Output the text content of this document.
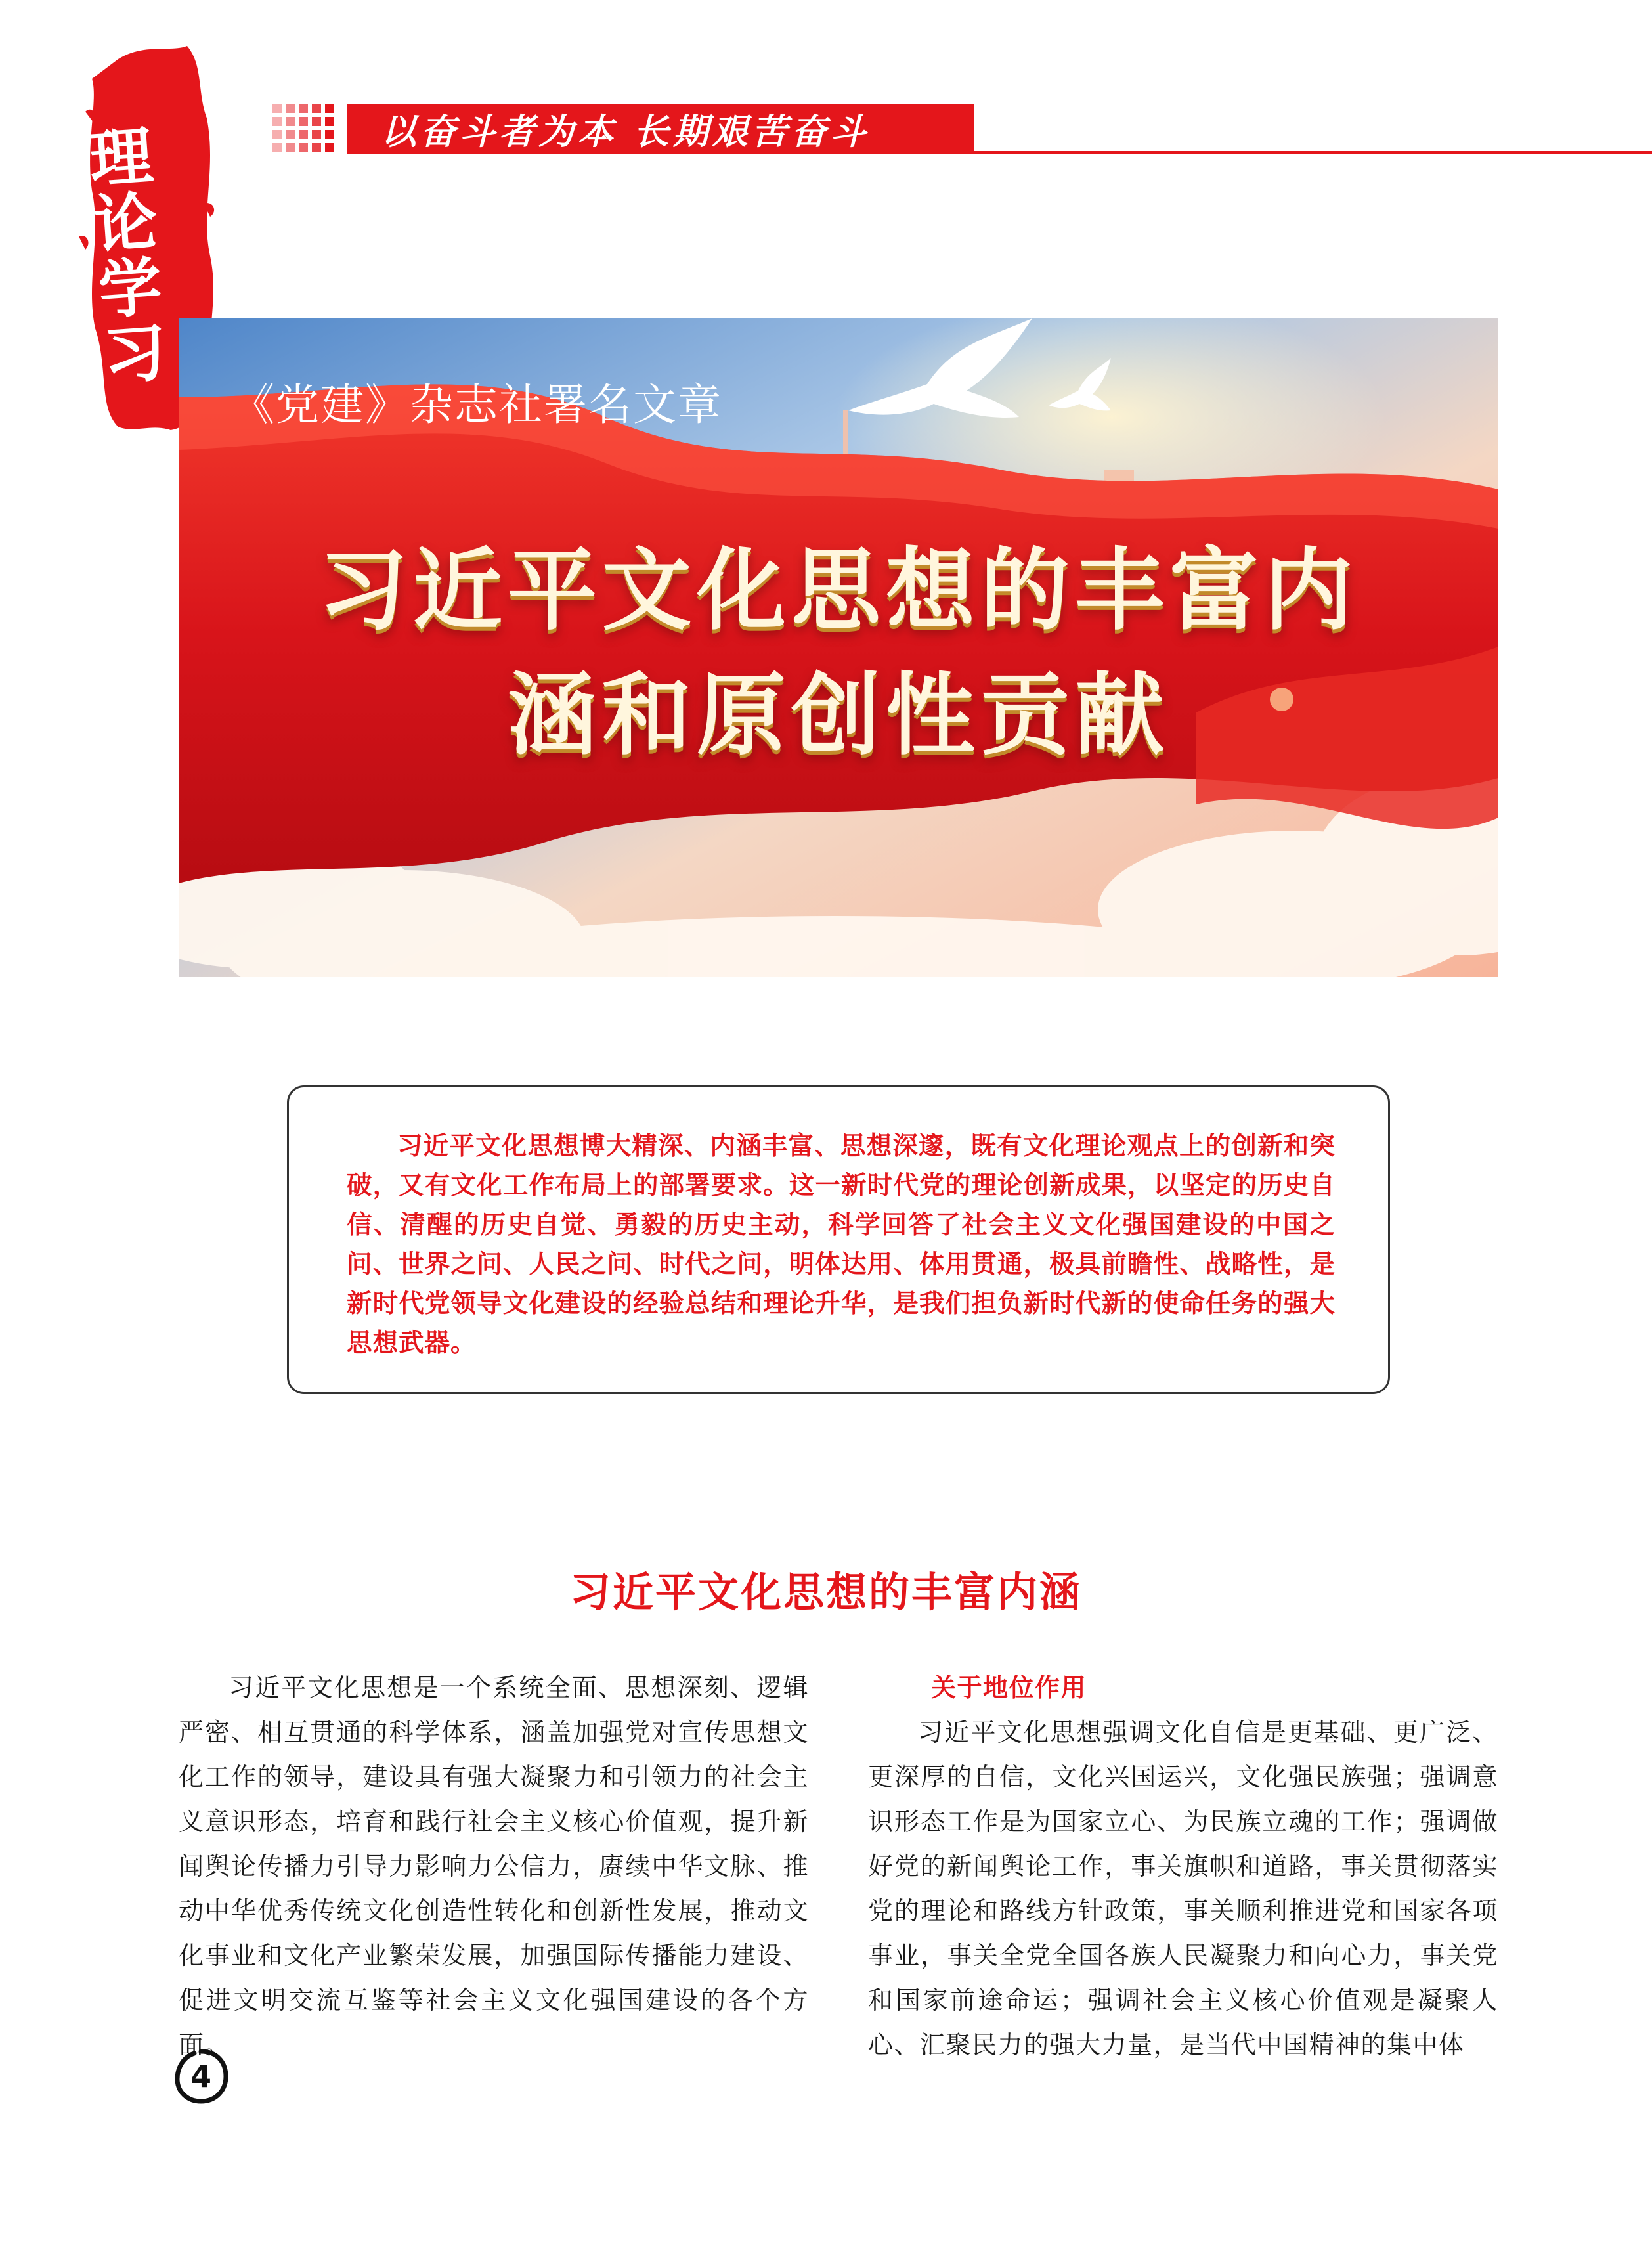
理
论
学
习
以奋斗者为本 长期艰苦奋斗
《党建》杂志社署名文章
习近平文化思想的丰富内
涵和原创性贡献

习近平文化思想博大精深、内涵丰富、思想深邃，既有文化理论观点上的创新和突破，又有文化工作布局上的部署要求。这一新时代党的理论创新成果，以坚定的历史自信、清醒的历史自觉、勇毅的历史主动，科学回答了社会主义文化强国建设的中国之问、世界之问、人民之问、时代之问，明体达用、体用贯通，极具前瞻性、战略性，是新时代党领导文化建设的经验总结和理论升华，是我们担负新时代新的使命任务的强大思想武器。

习近平文化思想的丰富内涵

习近平文化思想是一个系统全面、思想深刻、逻辑严密、相互贯通的科学体系，涵盖加强党对宣传思想文化工作的领导，建设具有强大凝聚力和引领力的社会主义意识形态，培育和践行社会主义核心价值观，提升新闻舆论传播力引导力影响力公信力，赓续中华文脉、推动中华优秀传统文化创造性转化和创新性发展，推动文化事业和文化产业繁荣发展，加强国际传播能力建设、促进文明交流互鉴等社会主义文化强国建设的各个方面。

关于地位作用

习近平文化思想强调文化自信是更基础、更广泛、更深厚的自信，文化兴国运兴，文化强民族强；强调意识形态工作是为国家立心、为民族立魂的工作；强调做好党的新闻舆论工作，事关旗帜和道路，事关贯彻落实党的理论和路线方针政策，事关顺利推进党和国家各项事业，事关全党全国各族人民凝聚力和向心力，事关党和国家前途命运；强调社会主义核心价值观是凝聚人心、汇聚民力的强大力量，是当代中国精神的集中体

4
